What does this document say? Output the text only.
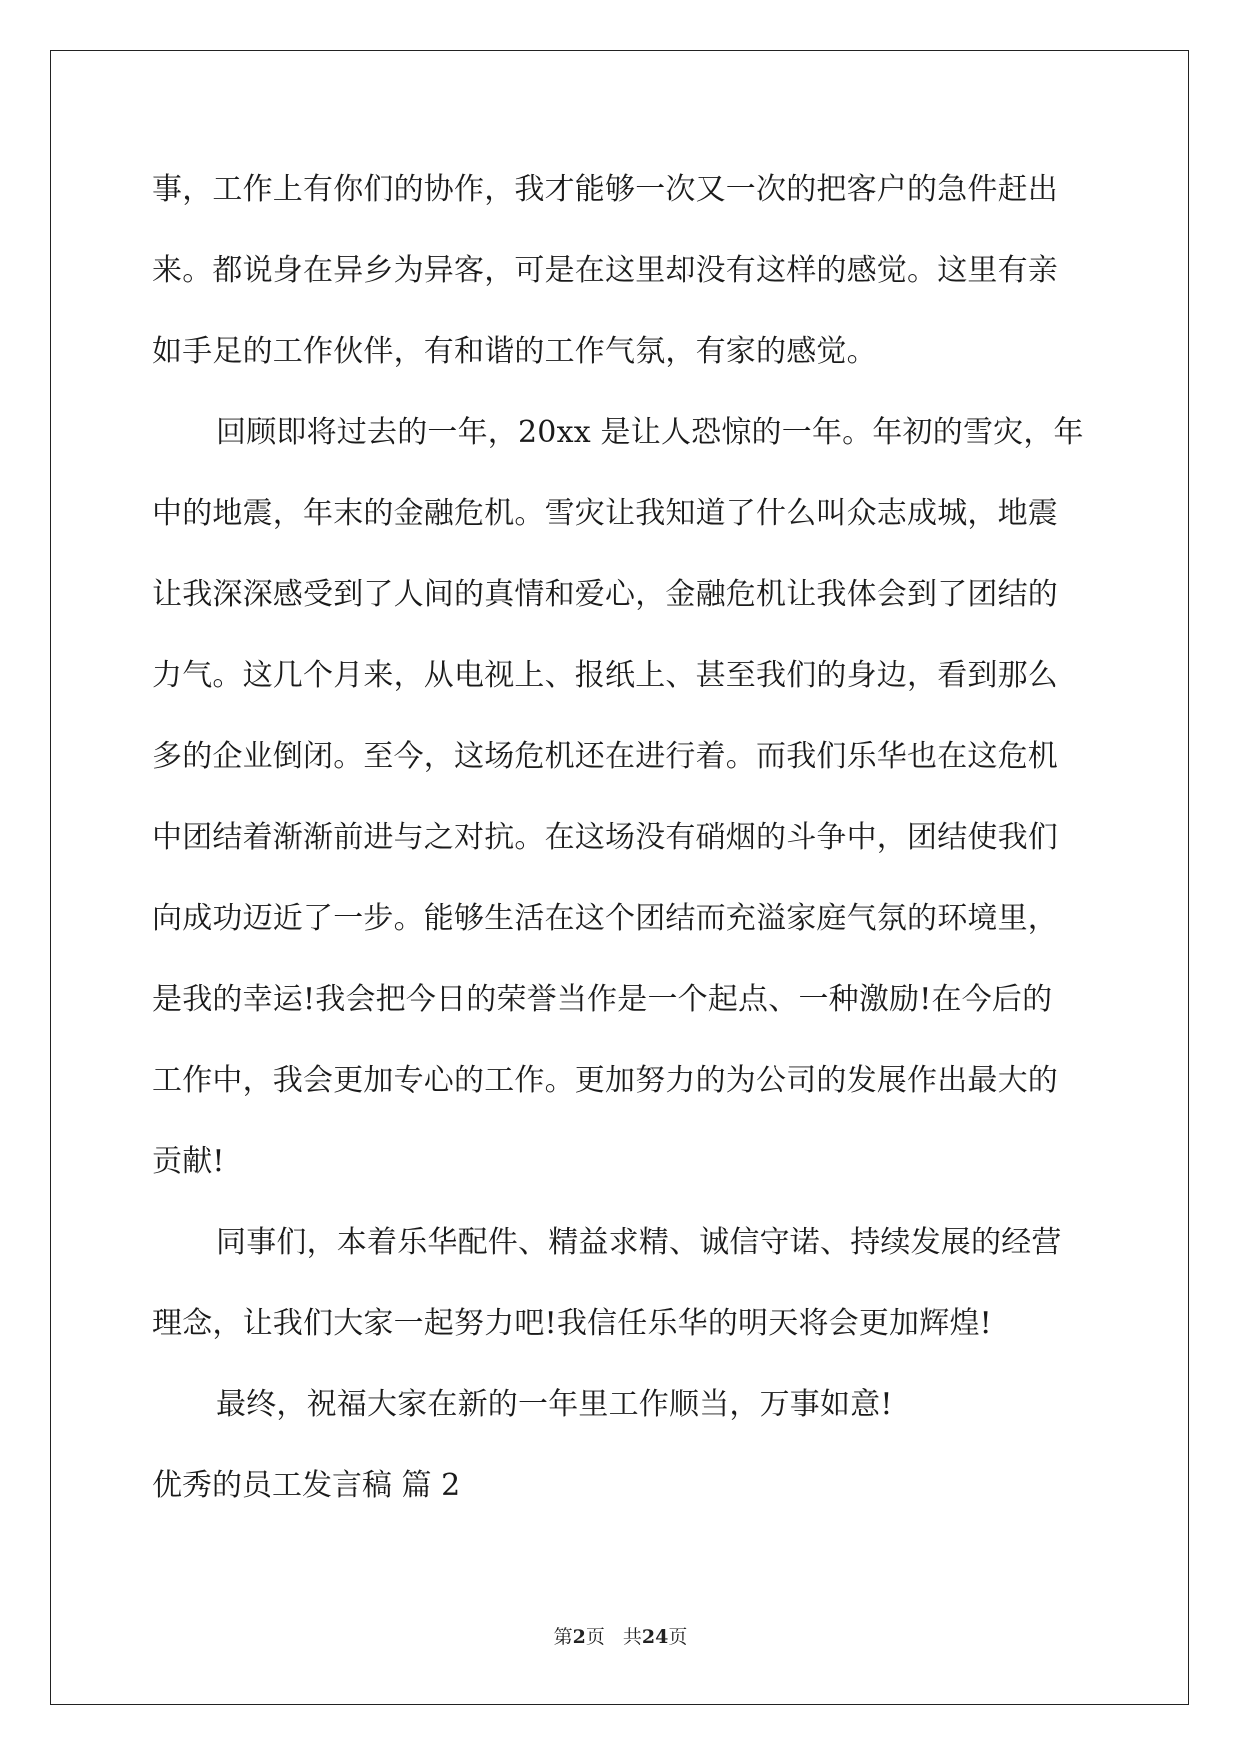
事，工作上有你们的协作，我才能够一次又一次的把客户的急件赶出
来。都说身在异乡为异客，可是在这里却没有这样的感觉。这里有亲
如手足的工作伙伴，有和谐的工作气氛，有家的感觉。
回顾即将过去的一年，20xx 是让人恐惊的一年。年初的雪灾，年
中的地震，年末的金融危机。雪灾让我知道了什么叫众志成城，地震
让我深深感受到了人间的真情和爱心，金融危机让我体会到了团结的
力气。这几个月来，从电视上、报纸上、甚至我们的身边，看到那么
多的企业倒闭。至今，这场危机还在进行着。而我们乐华也在这危机
中团结着渐渐前进与之对抗。在这场没有硝烟的斗争中，团结使我们
向成功迈近了一步。能够生活在这个团结而充溢家庭气氛的环境里，
是我的幸运!我会把今日的荣誉当作是一个起点、一种激励!在今后的
工作中，我会更加专心的工作。更加努力的为公司的发展作出最大的
贡献!
同事们，本着乐华配件、精益求精、诚信守诺、持续发展的经营
理念，让我们大家一起努力吧!我信任乐华的明天将会更加辉煌!
最终，祝福大家在新的一年里工作顺当，万事如意!
优秀的员工发言稿 篇 2
第2页 共24页
